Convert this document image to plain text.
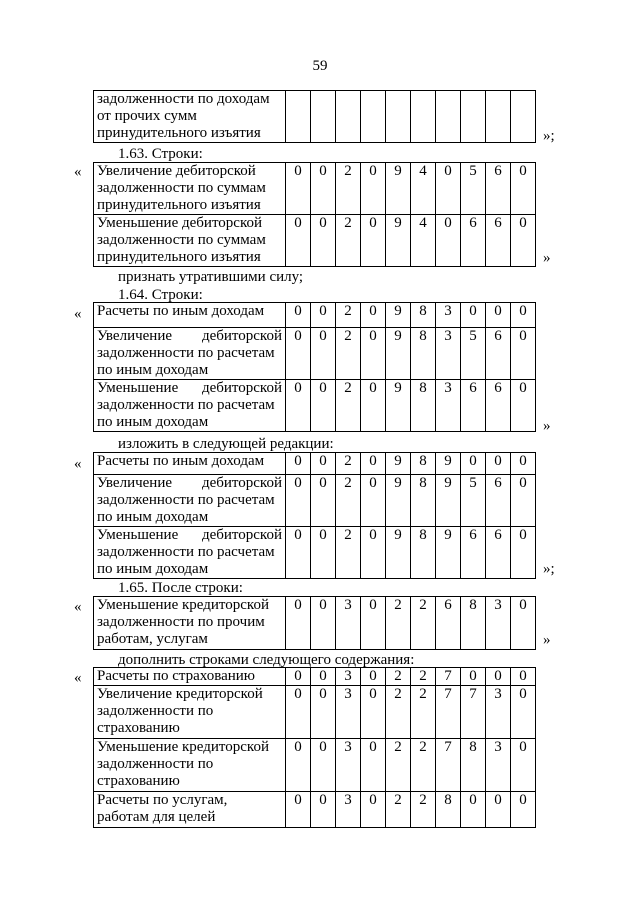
59
задолженности по доходам
от прочих сумм
принудительного изъятия
											»;
1.63. Строки:
« Увеличение дебиторской
задолженности по суммам
принудительного изъятия	0	0	2	0	9	4	0	5	6	0

Уменьшение дебиторской
задолженности по суммам
принудительного изъятия	0	0	2	0	9	4	0	6	6	0
»
признать утратившими силу;
1.64. Строки:
« Расчеты по иным доходам	0	0	2	0	9	8	3	0	0	0

Увеличение дебиторской
задолженности по расчетам
по иным доходам	0	0	2	0	9	8	3	5	6	0

Уменьшение дебиторской
задолженности по расчетам
по иным доходам	0	0	2	0	9	8	3	6	6	0
»
изложить в следующей редакции:
« Расчеты по иным доходам	0	0	2	0	9	8	9	0	0	0

Увеличение дебиторской
задолженности по расчетам
по иным доходам	0	0	2	0	9	8	9	5	6	0

Уменьшение дебиторской
задолженности по расчетам
по иным доходам	0	0	2	0	9	8	9	6	6	0
»;
1.65. После строки:
« Уменьшение кредиторской
задолженности по прочим
работам, услугам
	0	0	3	0	2	2	6	8	3	0
»
дополнить строками следующего содержания:
« Расчеты по страхованию	0	0	3	0	2	2	7	0	0	0

Увеличение кредиторской
задолженности по
страхованию	0	0	3	0	2	2	7	7	3	0

Уменьшение кредиторской
задолженности по
страхованию	0	0	3	0	2	2	7	8	3	0

Расчеты по услугам,
работам для целей	0	0	3	0	2	2	8	0	0	0
